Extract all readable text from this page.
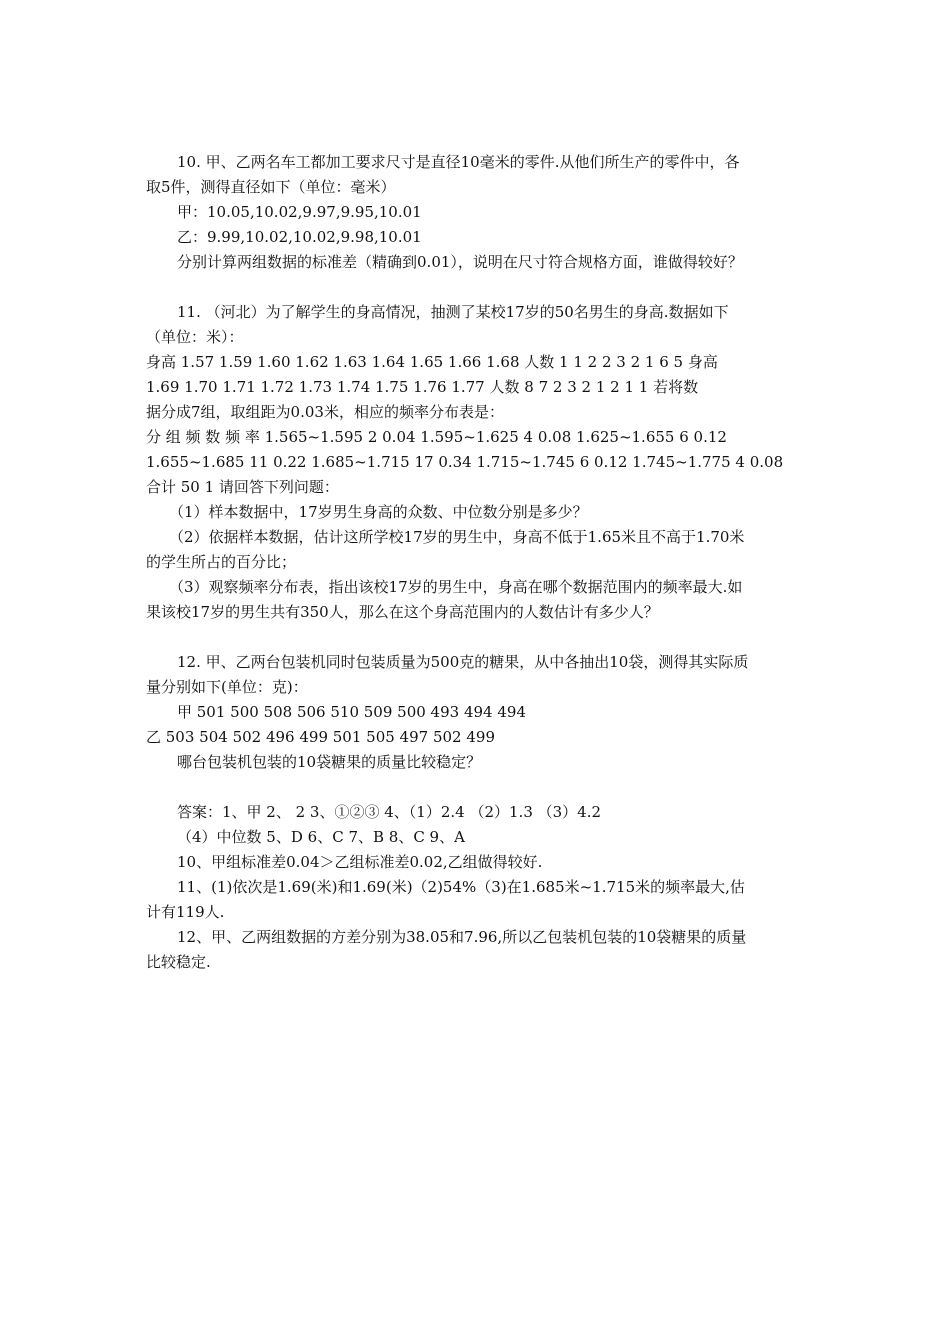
10. 甲、乙两名车工都加工要求尺寸是直径10毫米的零件.从他们所生产的零件中，各
取5件，测得直径如下（单位：毫米）
甲：10.05,10.02,9.97,9.95,10.01
乙：9.99,10.02,10.02,9.98,10.01
分别计算两组数据的标准差（精确到0.01），说明在尺寸符合规格方面，谁做得较好？
11. （河北）为了解学生的身高情况，抽测了某校17岁的50名男生的身高.数据如下
（单位：米）：
身高 1.57 1.59 1.60 1.62 1.63 1.64 1.65 1.66 1.68 人数 1 1 2 2 3 2 1 6 5 身高
1.69 1.70 1.71 1.72 1.73 1.74 1.75 1.76 1.77 人数 8 7 2 3 2 1 2 1 1 若将数
据分成7组，取组距为0.03米，相应的频率分布表是：
分 组 频 数 频 率 1.565~1.595 2 0.04 1.595~1.625 4 0.08 1.625~1.655 6 0.12
1.655~1.685 11 0.22 1.685~1.715 17 0.34 1.715~1.745 6 0.12 1.745~1.775 4 0.08
合计 50 1 请回答下列问题：
（1）样本数据中，17岁男生身高的众数、中位数分别是多少？
（2）依据样本数据，估计这所学校17岁的男生中，身高不低于1.65米且不高于1.70米
的学生所占的百分比；
（3）观察频率分布表，指出该校17岁的男生中，身高在哪个数据范围内的频率最大.如
果该校17岁的男生共有350人，那么在这个身高范围内的人数估计有多少人？
12. 甲、乙两台包装机同时包装质量为500克的糖果，从中各抽出10袋，测得其实际质
量分别如下(单位：克)：
甲 501 500 508 506 510 509 500 493 494 494
乙 503 504 502 496 499 501 505 497 502 499
哪台包装机包装的10袋糖果的质量比较稳定？
答案：1、甲 2、 2 3、①②③ 4、（1）2.4 （2）1.3 （3）4.2
（4）中位数 5、D 6、C 7、B 8、C 9、A
10、甲组标准差0.04＞乙组标准差0.02,乙组做得较好.
11、(1)依次是1.69(米)和1.69(米)（2)54%（3)在1.685米~1.715米的频率最大,估
计有119人.
12、甲、乙两组数据的方差分别为38.05和7.96,所以乙包装机包装的10袋糖果的质量
比较稳定.
